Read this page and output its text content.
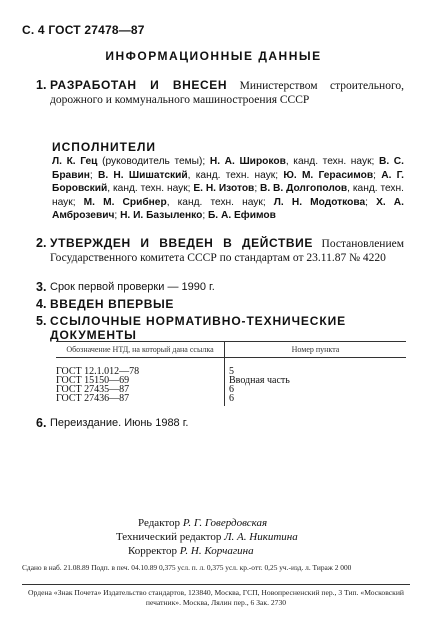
С. 4 ГОСТ 27478—87
ИНФОРМАЦИОННЫЕ ДАННЫЕ
1. РАЗРАБОТАН И ВНЕСЕН Министерством строительного, дорожного и коммунального машиностроения СССР
ИСПОЛНИТЕЛИ
Л. К. Гец (руководитель темы); Н. А. Широков, канд. техн. наук; В. С. Бравин; В. Н. Шишатский, канд. техн. наук; Ю. М. Герасимов; А. Г. Боровский, канд. техн. наук; Е. Н. Изотов; В. В. Долгополов, канд. техн. наук; М. М. Срибнер, канд. техн. наук; Л. Н. Модоткова; Х. А. Амброзевич; Н. И. Базыленко; Б. А. Ефимов
2. УТВЕРЖДЕН И ВВЕДЕН В ДЕЙСТВИЕ Постановлением Государственного комитета СССР по стандартам от 23.11.87 № 4220
3. Срок первой проверки — 1990 г.
4. ВВЕДЕН ВПЕРВЫЕ
5. ССЫЛОЧНЫЕ НОРМАТИВНО-ТЕХНИЧЕСКИЕ ДОКУМЕНТЫ
Обозначение НТД, на который дана ссылка	Номер пункта
ГОСТ 12.1.012—78	5
ГОСТ 15150—69	Вводная часть
ГОСТ 27435—87	6
ГОСТ 27436—87	6
6. Переиздание. Июнь 1988 г.
Редактор Р. Г. Говердовская
Технический редактор Л. А. Никитина
Корректор Р. Н. Корчагина
Сдано в наб. 21.08.89 Подп. в печ. 04.10.89 0,375 усл. п. л. 0,375 усл. кр.-отт. 0,25 уч.-изд. л. Тираж 2 000
Ордена «Знак Почета» Издательство стандартов, 123840, Москва, ГСП, Новопресненский пер., 3 Тип. «Московский печатник». Москва, Лялин пер., 6 Зак. 2730
